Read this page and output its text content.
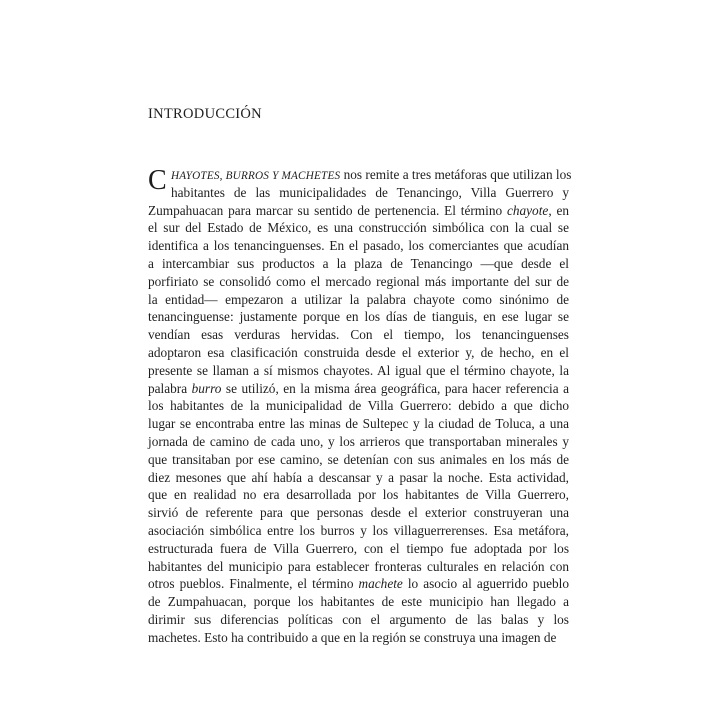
INTRODUCCIÓN
C HAYOTES, BURROS Y MACHETES nos remite a tres metáforas que utilizan los
habitantes de las municipalidades de Tenancingo, Villa Guerrero y
Zumpahuacan para marcar su sentido de pertenencia. El término chayote, en
el sur del Estado de México, es una construcción simbólica con la cual se
identifica a los tenancinguenses. En el pasado, los comerciantes que acudían
a intercambiar sus productos a la plaza de Tenancingo —que desde el
porfiriato se consolidó como el mercado regional más importante del sur de
la entidad— empezaron a utilizar la palabra chayote como sinónimo de
tenancinguense: justamente porque en los días de tianguis, en ese lugar se
vendían esas verduras hervidas. Con el tiempo, los tenancinguenses
adoptaron esa clasificación construida desde el exterior y, de hecho, en el
presente se llaman a sí mismos chayotes. Al igual que el término chayote, la
palabra burro se utilizó, en la misma área geográfica, para hacer referencia a
los habitantes de la municipalidad de Villa Guerrero: debido a que dicho
lugar se encontraba entre las minas de Sultepec y la ciudad de Toluca, a una
jornada de camino de cada uno, y los arrieros que transportaban minerales y
que transitaban por ese camino, se detenían con sus animales en los más de
diez mesones que ahí había a descansar y a pasar la noche. Esta actividad,
que en realidad no era desarrollada por los habitantes de Villa Guerrero,
sirvió de referente para que personas desde el exterior construyeran una
asociación simbólica entre los burros y los villaguerrerenses. Esa metáfora,
estructurada fuera de Villa Guerrero, con el tiempo fue adoptada por los
habitantes del municipio para establecer fronteras culturales en relación con
otros pueblos. Finalmente, el término machete lo asocio al aguerrido pueblo
de Zumpahuacan, porque los habitantes de este municipio han llegado a
dirimir sus diferencias políticas con el argumento de las balas y los
machetes. Esto ha contribuido a que en la región se construya una imagen de
